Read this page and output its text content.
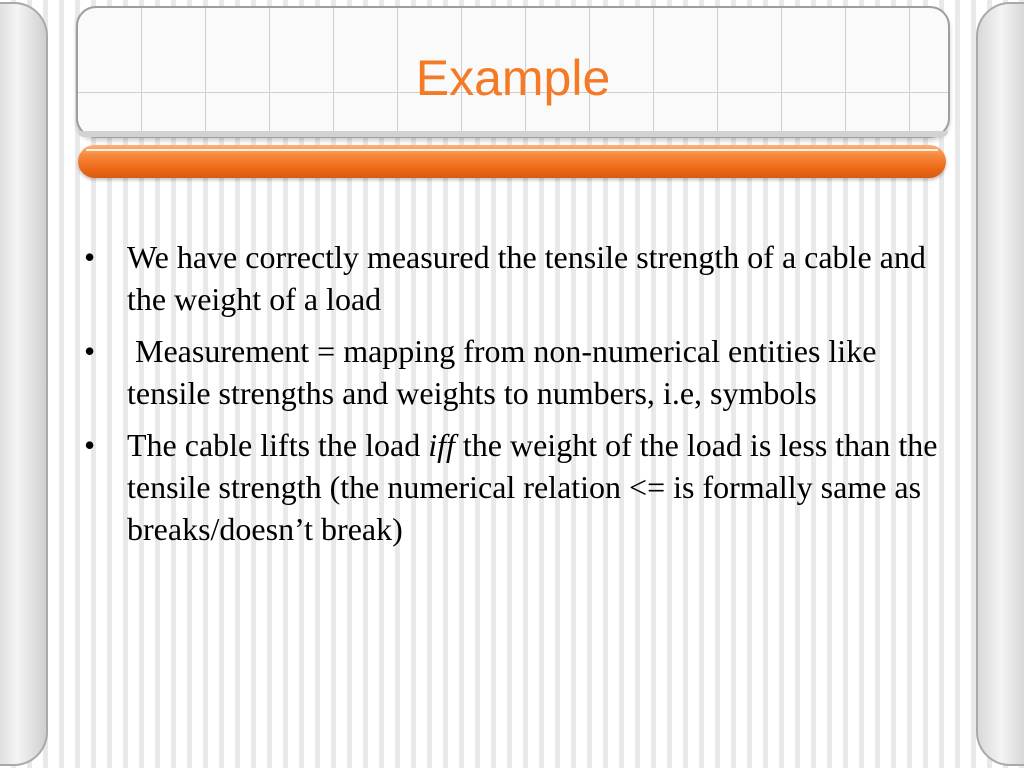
Example
• We have correctly measured the tensile strength of a cable and the weight of a load
• Measurement = mapping from non-numerical entities like tensile strengths and weights to numbers, i.e, symbols
• The cable lifts the load iff the weight of the load is less than the tensile strength (the numerical relation <= is formally same as breaks/doesn’t break)
